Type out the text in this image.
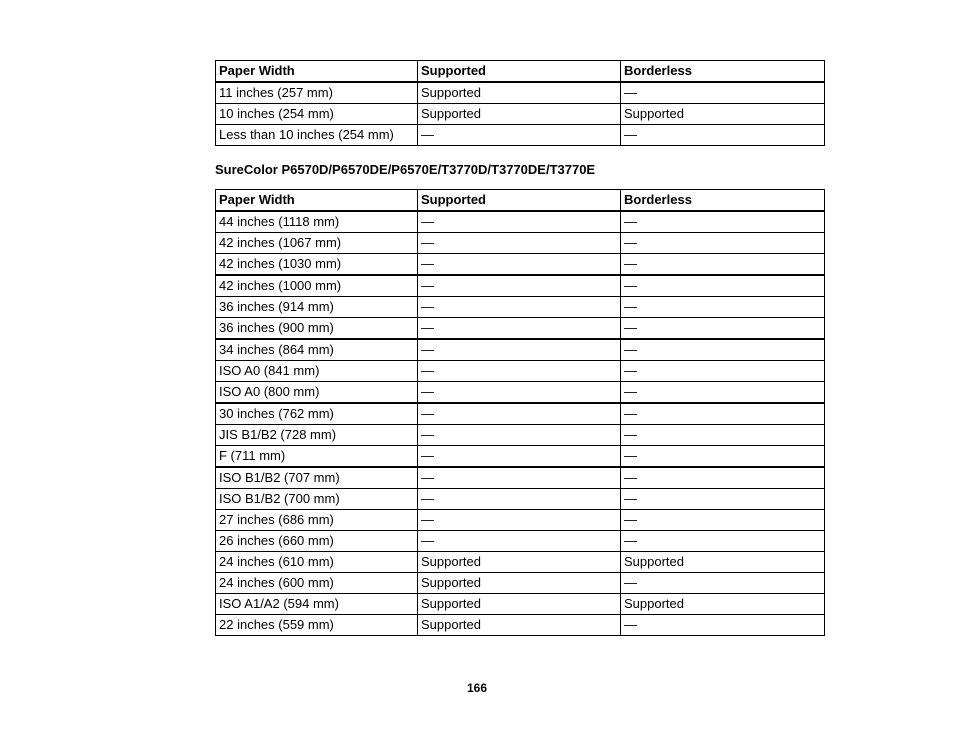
Paper Width	Supported	Borderless
11 inches (257 mm)	Supported	—
10 inches (254 mm)	Supported	Supported
Less than 10 inches (254 mm)	—	—
SureColor P6570D/P6570DE/P6570E/T3770D/T3770DE/T3770E
Paper Width	Supported	Borderless
44 inches (1118 mm)	—	—
42 inches (1067 mm)	—	—
42 inches (1030 mm)	—	—
42 inches (1000 mm)	—	—
36 inches (914 mm)	—	—
36 inches (900 mm)	—	—
34 inches (864 mm)	—	—
ISO A0 (841 mm)	—	—
ISO A0 (800 mm)	—	—
30 inches (762 mm)	—	—
JIS B1/B2 (728 mm)	—	—
F (711 mm)	—	—
ISO B1/B2 (707 mm)	—	—
ISO B1/B2 (700 mm)	—	—
27 inches (686 mm)	—	—
26 inches (660 mm)	—	—
24 inches (610 mm)	Supported	Supported
24 inches (600 mm)	Supported	—
ISO A1/A2 (594 mm)	Supported	Supported
22 inches (559 mm)	Supported	—
166
